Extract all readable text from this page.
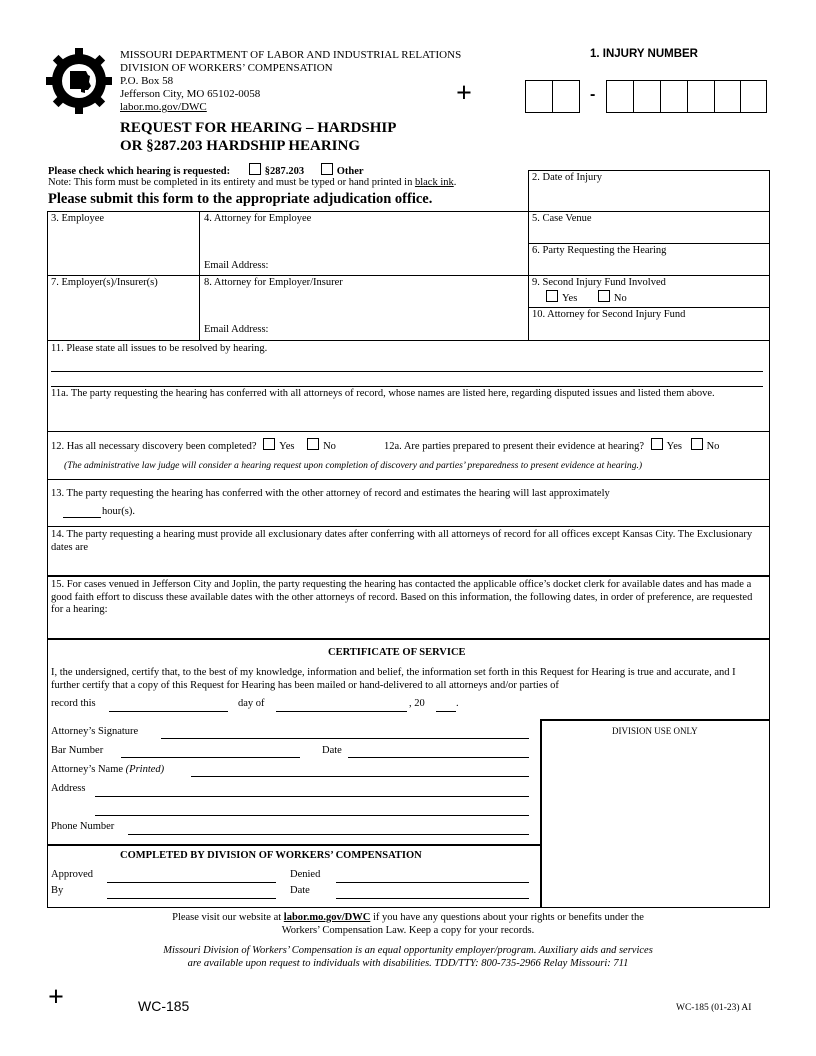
MISSOURI DEPARTMENT OF LABOR AND INDUSTRIAL RELATIONS
DIVISION OF WORKERS’ COMPENSATION
P.O. Box 58
Jefferson City, MO 65102-0058
labor.mo.gov/DWC
REQUEST FOR HEARING – HARDSHIP
OR §287.203 HARDSHIP HEARING
+
1. INJURY NUMBER
-
Please check which hearing is requested:	§287.203	Other
Note: This form must be completed in its entirety and must be typed or hand printed in black ink.
Please submit this form to the appropriate adjudication office.
2. Date of Injury
3. Employee	4. Attorney for Employee
Email Address:
5. Case Venue
6. Party Requesting the Hearing
7. Employer(s)/Insurer(s)	8. Attorney for Employer/Insurer
Email Address:
9. Second Injury Fund Involved
Yes	No
10. Attorney for Second Injury Fund
11. Please state all issues to be resolved by hearing.
11a. The party requesting the hearing has conferred with all attorneys of record, whose names are listed here, regarding disputed issues and listed them above.
12. Has all necessary discovery been completed? Yes	No	12a. Are parties prepared to present their evidence at hearing? Yes No
(The administrative law judge will consider a hearing request upon completion of discovery and parties’ preparedness to present evidence at hearing.)
13. The party requesting the hearing has conferred with the other attorney of record and estimates the hearing will last approximately
hour(s).
14. The party requesting a hearing must provide all exclusionary dates after conferring with all attorneys of record for all offices except Kansas City. The Exclusionary dates are
15. For cases venued in Jefferson City and Joplin, the party requesting the hearing has contacted the applicable office’s docket clerk for available dates and has made a good faith effort to discuss these available dates with the other attorneys of record. Based on this information, the following dates, in order of preference, are requested for a hearing:
CERTIFICATE OF SERVICE
I, the undersigned, certify that, to the best of my knowledge, information and belief, the information set forth in this Request for Hearing is true and accurate, and I further certify that a copy of this Request for Hearing has been mailed or hand-delivered to all attorneys and/or parties of
record this	day of	, 20	.
DIVISION USE ONLY
Attorney’s Signature
Bar Number	Date
Attorney’s Name (Printed)
Address
Phone Number
COMPLETED BY DIVISION OF WORKERS’ COMPENSATION
Approved	Denied
By	Date
Please visit our website at labor.mo.gov/DWC if you have any questions about your rights or benefits under the
Workers’ Compensation Law. Keep a copy for your records.
Missouri Division of Workers’ Compensation is an equal opportunity employer/program. Auxiliary aids and services
are available upon request to individuals with disabilities. TDD/TTY: 800-735-2966 Relay Missouri: 711
+	WC-185	WC-185 (01-23) AI
